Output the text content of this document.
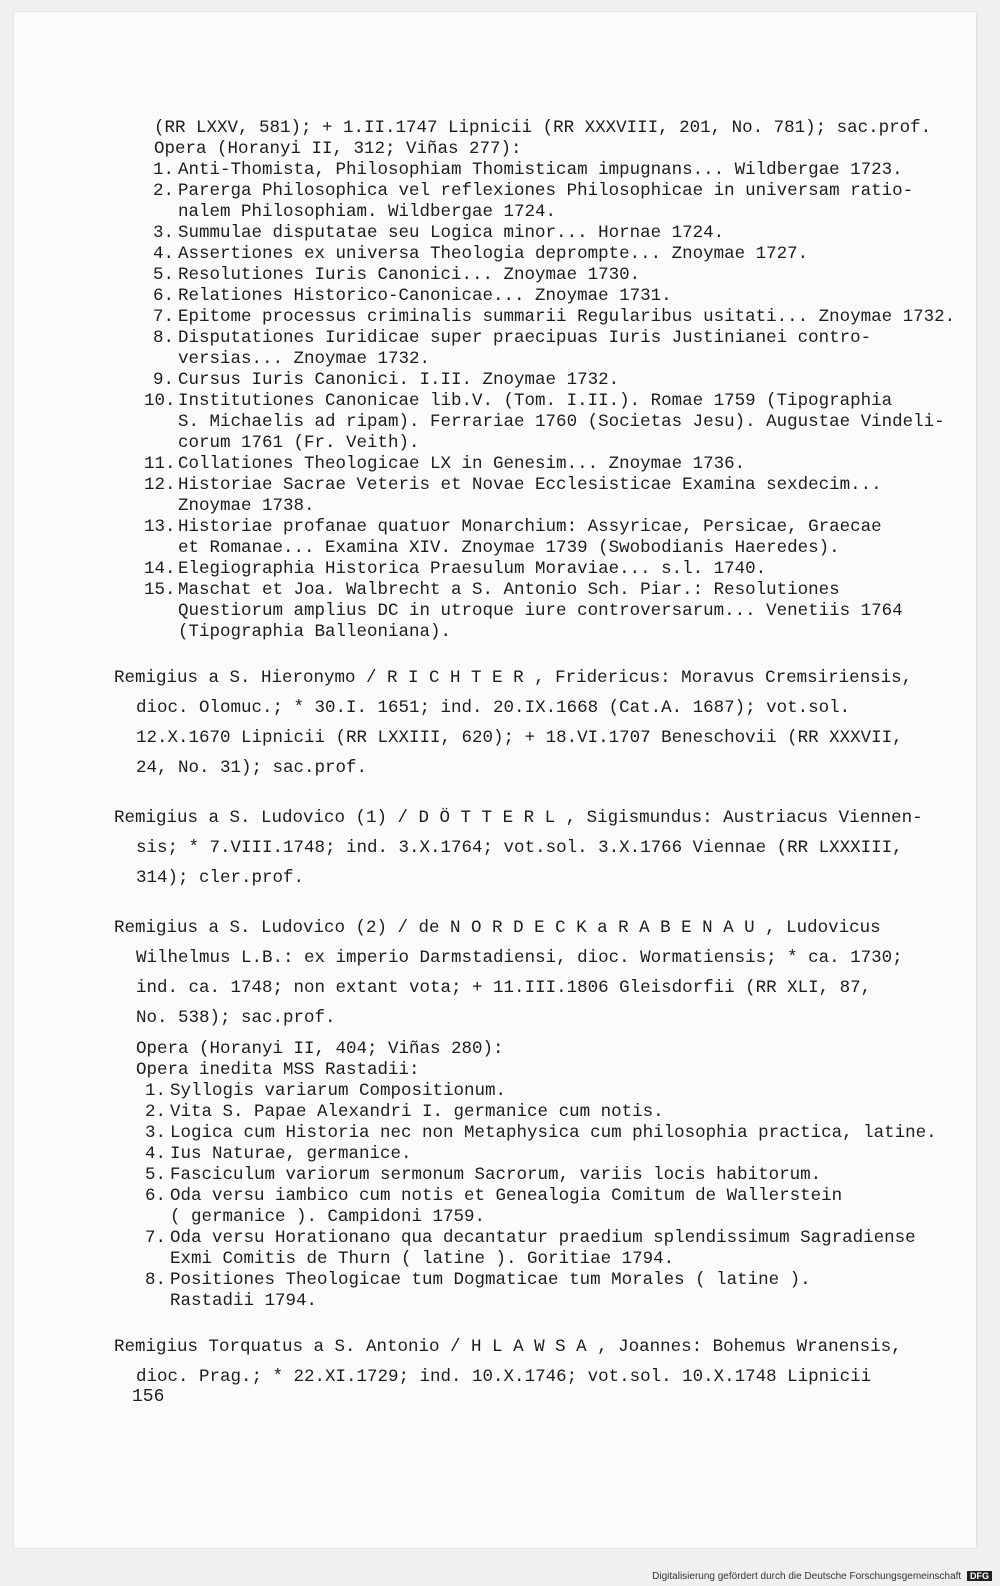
(RR LXXV, 581); + 1.II.1747 Lipnicii (RR XXXVIII, 201, No. 781); sac.prof.
Opera (Horanyi II, 312; Viñas 277):
1. Anti-Thomista, Philosophiam Thomisticam impugnans... Wildbergae 1723.
2. Parerga Philosophica vel reflexiones Philosophicae in universam ratio-
nalem Philosophiam. Wildbergae 1724.
3. Summulae disputatae seu Logica minor... Hornae 1724.
4. Assertiones ex universa Theologia deprompte... Znoymae 1727.
5. Resolutiones Iuris Canonici... Znoymae 1730.
6. Relationes Historico-Canonicae... Znoymae 1731.
7. Epitome processus criminalis summarii Regularibus usitati... Znoymae 1732.
8. Disputationes Iuridicae super praecipuas Iuris Justinianei contro-
versias... Znoymae 1732.
9. Cursus Iuris Canonici. I.II. Znoymae 1732.
10. Institutiones Canonicae lib.V. (Tom. I.II.). Romae 1759 (Tipographia
S. Michaelis ad ripam). Ferrariae 1760 (Societas Jesu). Augustae Vindeli-
corum 1761 (Fr. Veith).
11. Collationes Theologicae LX in Genesim... Znoymae 1736.
12. Historiae Sacrae Veteris et Novae Ecclesisticae Examina sexdecim...
Znoymae 1738.
13. Historiae profanae quatuor Monarchium: Assyricae, Persicae, Graecae
et Romanae... Examina XIV. Znoymae 1739 (Swobodianis Haeredes).
14. Elegiographia Historica Praesulum Moraviae... s.l. 1740.
15. Maschat et Joa. Walbrecht a S. Antonio Sch. Piar.: Resolutiones
Questiorum amplius DC in utroque iure controversarum... Venetiis 1764
(Tipographia Balleoniana).
Remigius a S. Hieronymo / R I C H T E R , Fridericus: Moravus Cremsiriensis,
dioc. Olomuc.; * 30.I. 1651; ind. 20.IX.1668 (Cat.A. 1687); vot.sol.
12.X.1670 Lipnicii (RR LXXIII, 620); + 18.VI.1707 Beneschovii (RR XXXVII,
24, No. 31); sac.prof.
Remigius a S. Ludovico (1) / D Ö T T E R L , Sigismundus: Austriacus Viennen-
sis; * 7.VIII.1748; ind. 3.X.1764; vot.sol. 3.X.1766 Viennae (RR LXXXIII,
314); cler.prof.
Remigius a S. Ludovico (2) / de N O R D E C K a R A B E N A U , Ludovicus
Wilhelmus L.B.: ex imperio Darmstadiensi, dioc. Wormatiensis; * ca. 1730;
ind. ca. 1748; non extant vota; + 11.III.1806 Gleisdorfii (RR XLI, 87,
No. 538); sac.prof.
Opera (Horanyi II, 404; Viñas 280):
Opera inedita MSS Rastadii:
1. Syllogis variarum Compositionum.
2. Vita S. Papae Alexandri I. germanice cum notis.
3. Logica cum Historia nec non Metaphysica cum philosophia practica, latine.
4. Ius Naturae, germanice.
5. Fasciculum variorum sermonum Sacrorum, variis locis habitorum.
6. Oda versu iambico cum notis et Genealogia Comitum de Wallerstein
( germanice ). Campidoni 1759.
7. Oda versu Horationano qua decantatur praedium splendissimum Sagradiense
Exmi Comitis de Thurn ( latine ). Goritiae 1794.
8. Positiones Theologicae tum Dogmaticae tum Morales ( latine ).
Rastadii 1794.
Remigius Torquatus a S. Antonio / H L A W S A , Joannes: Bohemus Wranensis,
dioc. Prag.; * 22.XI.1729; ind. 10.X.1746; vot.sol. 10.X.1748 Lipnicii
156
Digitalisierung gefördert durch die Deutsche Forschungsgemeinschaft DFG
